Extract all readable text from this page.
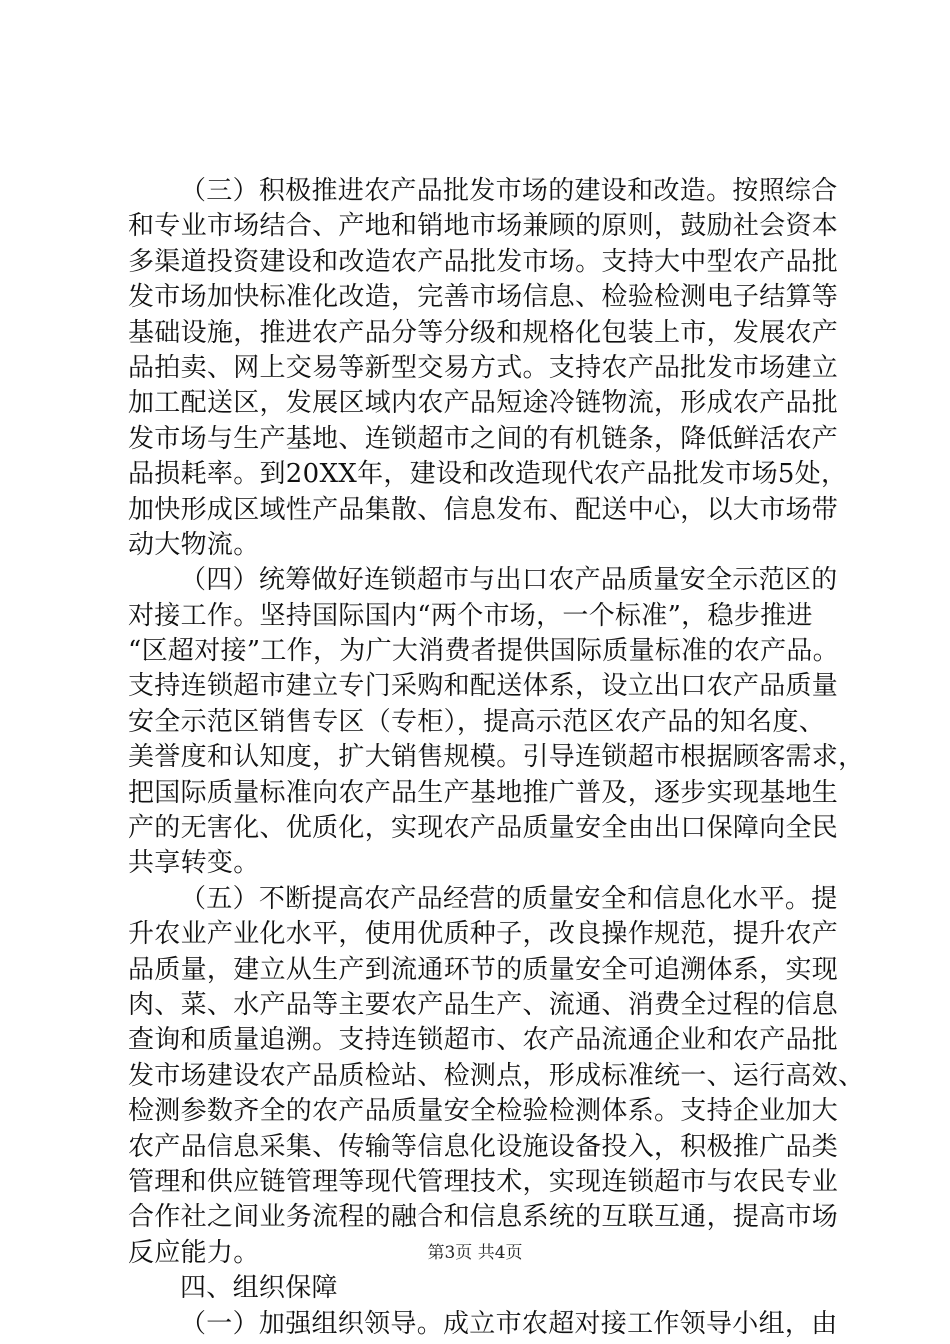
（三）积极推进农产品批发市场的建设和改造。按照综合
和专业市场结合、产地和销地市场兼顾的原则，鼓励社会资本
多渠道投资建设和改造农产品批发市场。支持大中型农产品批
发市场加快标准化改造，完善市场信息、检验检测电子结算等
基础设施，推进农产品分等分级和规格化包装上市，发展农产
品拍卖、网上交易等新型交易方式。支持农产品批发市场建立
加工配送区，发展区域内农产品短途冷链物流，形成农产品批
发市场与生产基地、连锁超市之间的有机链条，降低鲜活农产
品损耗率。到20XX年，建设和改造现代农产品批发市场5处，
加快形成区域性产品集散、信息发布、配送中心，以大市场带
动大物流。
（四）统筹做好连锁超市与出口农产品质量安全示范区的
对接工作。坚持国际国内“两个市场，一个标准”，稳步推进
“区超对接”工作，为广大消费者提供国际质量标准的农产品。
支持连锁超市建立专门采购和配送体系，设立出口农产品质量
安全示范区销售专区（专柜），提高示范区农产品的知名度、
美誉度和认知度，扩大销售规模。引导连锁超市根据顾客需求，
把国际质量标准向农产品生产基地推广普及，逐步实现基地生
产的无害化、优质化，实现农产品质量安全由出口保障向全民
共享转变。
（五）不断提高农产品经营的质量安全和信息化水平。提
升农业产业化水平，使用优质种子，改良操作规范，提升农产
品质量，建立从生产到流通环节的质量安全可追溯体系，实现
肉、菜、水产品等主要农产品生产、流通、消费全过程的信息
查询和质量追溯。支持连锁超市、农产品流通企业和农产品批
发市场建设农产品质检站、检测点，形成标准统一、运行高效、
检测参数齐全的农产品质量安全检验检测体系。支持企业加大
农产品信息采集、传输等信息化设施设备投入，积极推广品类
管理和供应链管理等现代管理技术，实现连锁超市与农民专业
合作社之间业务流程的融合和信息系统的互联互通，提高市场
反应能力。
四、组织保障
（一）加强组织领导。成立市农超对接工作领导小组，由
第3页 共4页
